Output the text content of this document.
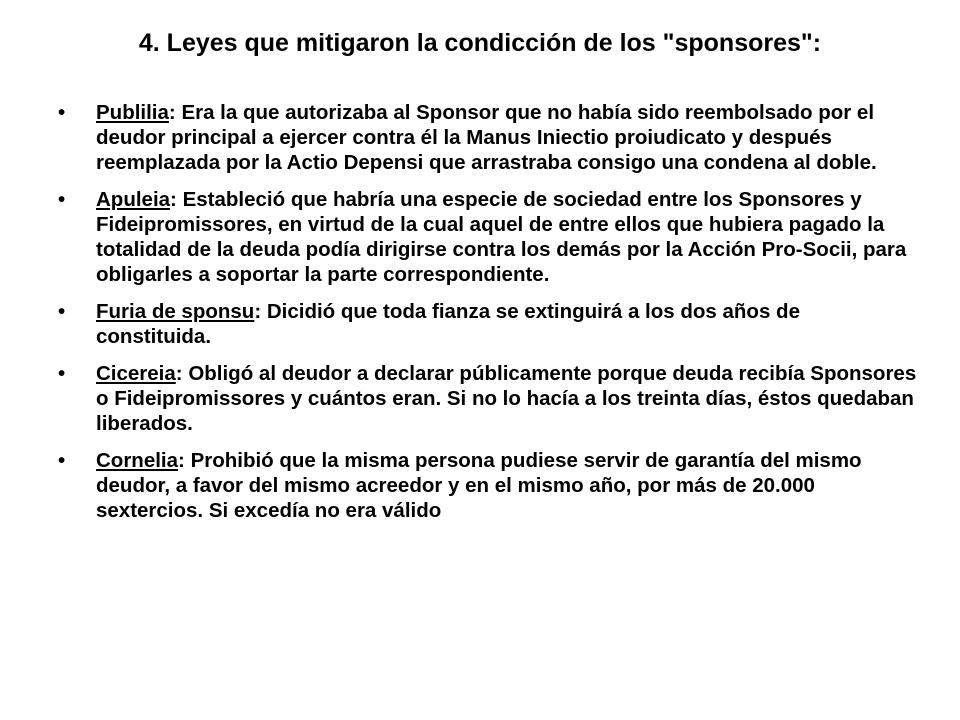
4. Leyes que mitigaron la condicción de los "sponsores":
• Publilia: Era la que autorizaba al Sponsor que no había sido reembolsado por el deudor principal a ejercer contra él la Manus Iniectio proiudicato y después reemplazada por la Actio Depensi que arrastraba consigo una condena al doble.
• Apuleia: Estableció que habría una especie de sociedad entre los Sponsores y Fideipromissores, en virtud de la cual aquel de entre ellos que hubiera pagado la totalidad de la deuda podía dirigirse contra los demás por la Acción Pro-Socii, para obligarles a soportar la parte correspondiente.
• Furia de sponsu: Dicidió que toda fianza se extinguirá a los dos años de constituida.
• Cicereia: Obligó al deudor a declarar públicamente porque deuda recibía Sponsores o Fideipromissores y cuántos eran. Si no lo hacía a los treinta días, éstos quedaban liberados.
• Cornelia: Prohibió que la misma persona pudiese servir de garantía del mismo deudor, a favor del mismo acreedor y en el mismo año, por más de 20.000 sextercios. Si excedía no era válido
